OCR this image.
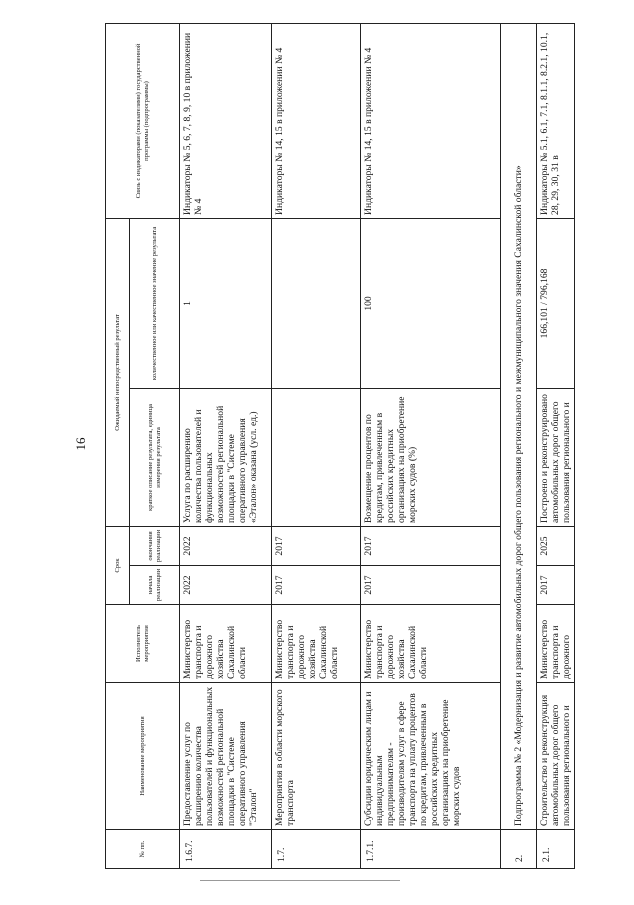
16
№ пп.	Наименование мероприятия	Исполнитель мероприятия	Срок		Ожидаемый непосредственный результат		Связь с индикаторами (показателями) государственной программы (подпрограммы)
			начала реализации	окончания реализации	краткое описание результата, единица измерения результата	количественное или качественное значение результата	
1.6.7.	Предоставление услуг по расширению количества пользователей и функциональных возможностей региональной площадки в "Системе оперативного управления "Эталон"	Министерство транспорта и дорожного хозяйства Сахалинской области	2022	2022	Услуга по расширению количества пользователей и функциональных возможностей региональной площадки в "Системе оперативного управления «Эталон» оказана (усл. ед.)	1	Индикаторы № 5, 6, 7, 8, 9, 10 в приложении № 4
1.7.	Мероприятия в области морского транспорта	Министерство транспорта и дорожного хозяйства Сахалинской области	2017	2017			Индикаторы № 14, 15 в приложении № 4
1.7.1.	Субсидии юридическим лицам и индивидуальным предпринимателям - производителям услуг в сфере транспорта на уплату процентов по кредитам, привлеченным в российских кредитных организациях на приобретение морских судов	Министерство транспорта и дорожного хозяйства Сахалинской области	2017	2017	Возмещение процентов по кредитам, привлеченным в российских кредитных организациях на приобретение морских судов (%)	100	Индикаторы № 14, 15 в приложении № 4
2.	Подпрограмма № 2 «Модернизация и развитие автомобильных дорог общего пользования регионального и межмуниципального значения Сахалинской области»						
2.1.	Строительство и реконструкция автомобильных дорог общего пользования регионального и	Министерство транспорта и дорожного	2017	2025	Построено и реконструировано автомобильных дорог общего пользования регионального и	166,101 / 796,168	Индикаторы № 5.1, 6.1, 7.1, 8.1.1, 8.2.1, 10.1, 28, 29, 30, 31 в
